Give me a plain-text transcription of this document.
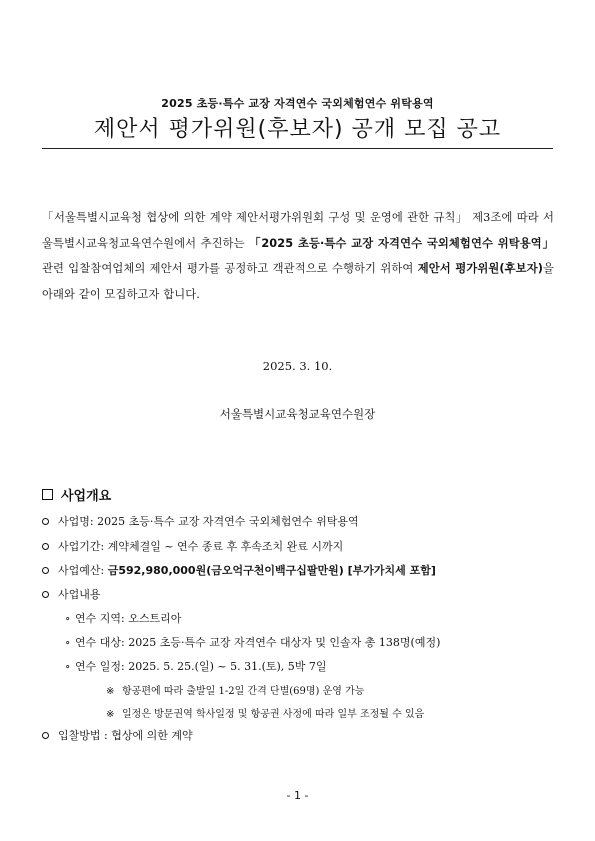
2025 초등·특수 교장 자격연수 국외체험연수 위탁용역
제안서 평가위원(후보자) 공개 모집 공고
「서울특별시교육청 협상에 의한 계약 제안서평가위원회 구성 및 운영에 관한 규칙」 제3조에 따라 서울특별시교육청교육연수원에서 추진하는 「2025 초등·특수 교장 자격연수 국외체험연수 위탁용역」 관련 입찰참여업체의 제안서 평가를 공정하고 객관적으로 수행하기 위하여 제안서 평가위원(후보자)을 아래와 같이 모집하고자 합니다.
2025. 3. 10.
서울특별시교육청교육연수원장
사업개요
사업명: 2025 초등·특수 교장 자격연수 국외체험연수 위탁용역
사업기간: 계약체결일 ~ 연수 종료 후 후속조치 완료 시까지
사업예산: 금592,980,000원(금오억구천이백구십팔만원) [부가가치세 포함]
사업내용
∘ 연수 지역: 오스트리아
∘ 연수 대상: 2025 초등·특수 교장 자격연수 대상자 및 인솔자 총 138명(예정)
∘ 연수 일정: 2025. 5. 25.(일) ~ 5. 31.(토), 5박 7일
※ 항공편에 따라 출발일 1-2일 간격 단별(69명) 운영 가능
※ 일정은 방문권역 학사일정 및 항공권 사정에 따라 일부 조정될 수 있음
입찰방법 : 협상에 의한 계약
- 1 -
